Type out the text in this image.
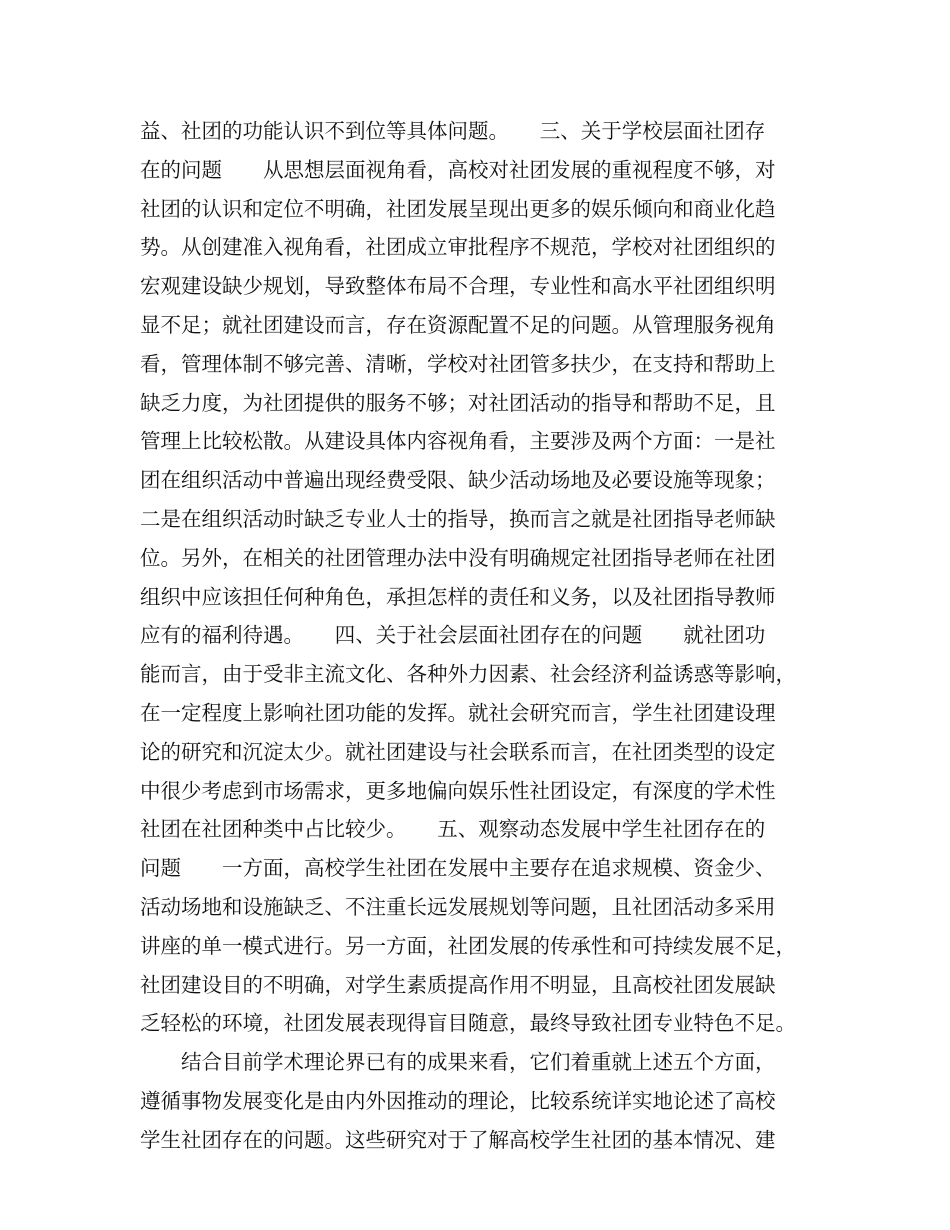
益、社团的功能认识不到位等具体问题。　　三、关于学校层面社团存
在的问题　　从思想层面视角看，高校对社团发展的重视程度不够，对
社团的认识和定位不明确，社团发展呈现出更多的娱乐倾向和商业化趋
势。从创建准入视角看，社团成立审批程序不规范，学校对社团组织的
宏观建设缺少规划，导致整体布局不合理，专业性和高水平社团组织明
显不足；就社团建设而言，存在资源配置不足的问题。从管理服务视角
看，管理体制不够完善、清晰，学校对社团管多扶少，在支持和帮助上
缺乏力度，为社团提供的服务不够；对社团活动的指导和帮助不足，且
管理上比较松散。从建设具体内容视角看，主要涉及两个方面：一是社
团在组织活动中普遍出现经费受限、缺少活动场地及必要设施等现象；
二是在组织活动时缺乏专业人士的指导，换而言之就是社团指导老师缺
位。另外，在相关的社团管理办法中没有明确规定社团指导老师在社团
组织中应该担任何种角色，承担怎样的责任和义务，以及社团指导教师
应有的福利待遇。　　四、关于社会层面社团存在的问题　　就社团功
能而言，由于受非主流文化、各种外力因素、社会经济利益诱惑等影响，
在一定程度上影响社团功能的发挥。就社会研究而言，学生社团建设理
论的研究和沉淀太少。就社团建设与社会联系而言，在社团类型的设定
中很少考虑到市场需求，更多地偏向娱乐性社团设定，有深度的学术性
社团在社团种类中占比较少。　　五、观察动态发展中学生社团存在的
问题　　一方面，高校学生社团在发展中主要存在追求规模、资金少、
活动场地和设施缺乏、不注重长远发展规划等问题，且社团活动多采用
讲座的单一模式进行。另一方面，社团发展的传承性和可持续发展不足，
社团建设目的不明确，对学生素质提高作用不明显，且高校社团发展缺
乏轻松的环境，社团发展表现得盲目随意，最终导致社团专业特色不足。
　　结合目前学术理论界已有的成果来看，它们着重就上述五个方面，
遵循事物发展变化是由内外因推动的理论，比较系统详实地论述了高校
学生社团存在的问题。这些研究对于了解高校学生社团的基本情况、建
